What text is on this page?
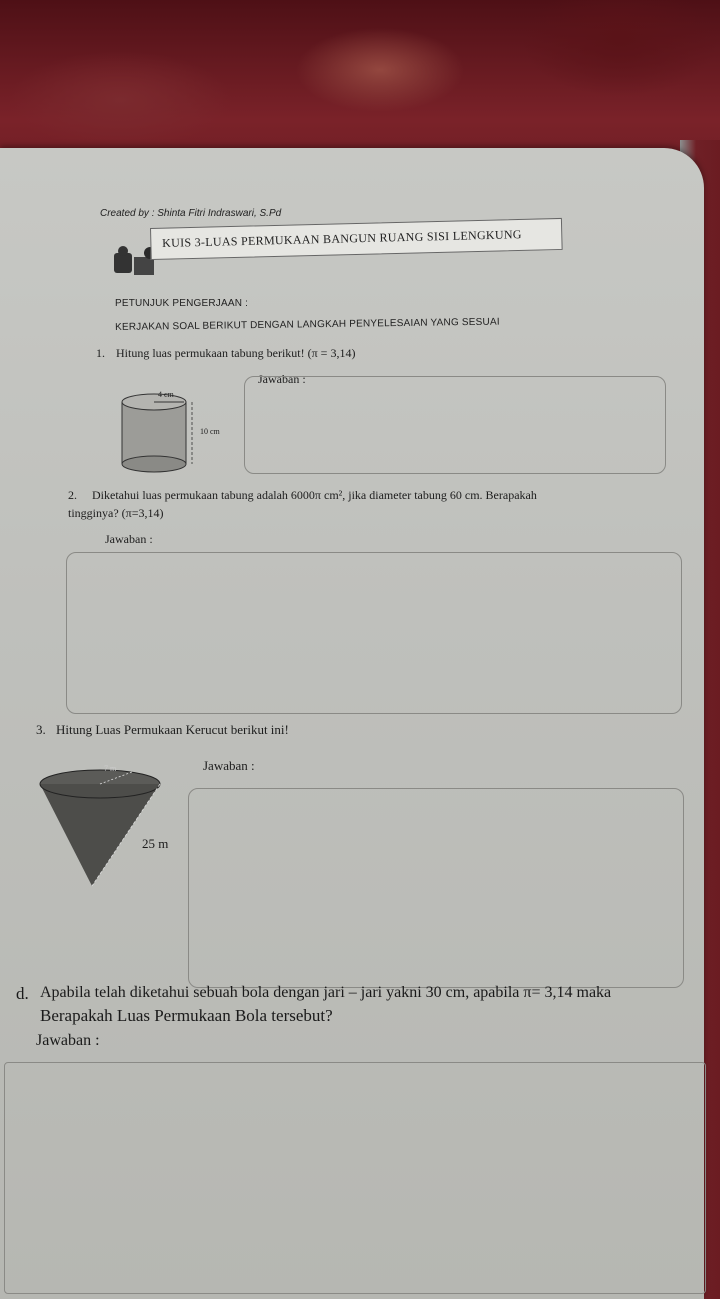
Created by : Shinta Fitri Indraswari, S.Pd
KUIS 3-LUAS PERMUKAAN BANGUN RUANG SISI LENGKUNG
PETUNJUK PENGERJAAN :
KERJAKAN SOAL BERIKUT DENGAN LANGKAH PENYELESAIAN YANG SESUAI
1. Hitung luas permukaan tabung berikut! (π = 3,14)
Jawaban :
4 cm
10 cm
2. Diketahui luas permukaan tabung adalah 6000π cm², jika diameter tabung 60 cm. Berapakah
tingginya? (π=3,14)
Jawaban :
3. Hitung Luas Permukaan Kerucut berikut ini!
Jawaban :
7 m
25 m
d. Apabila telah diketahui sebuah bola dengan jari – jari yakni 30 cm, apabila π= 3,14 maka
Berapakah Luas Permukaan Bola tersebut?
Jawaban :
